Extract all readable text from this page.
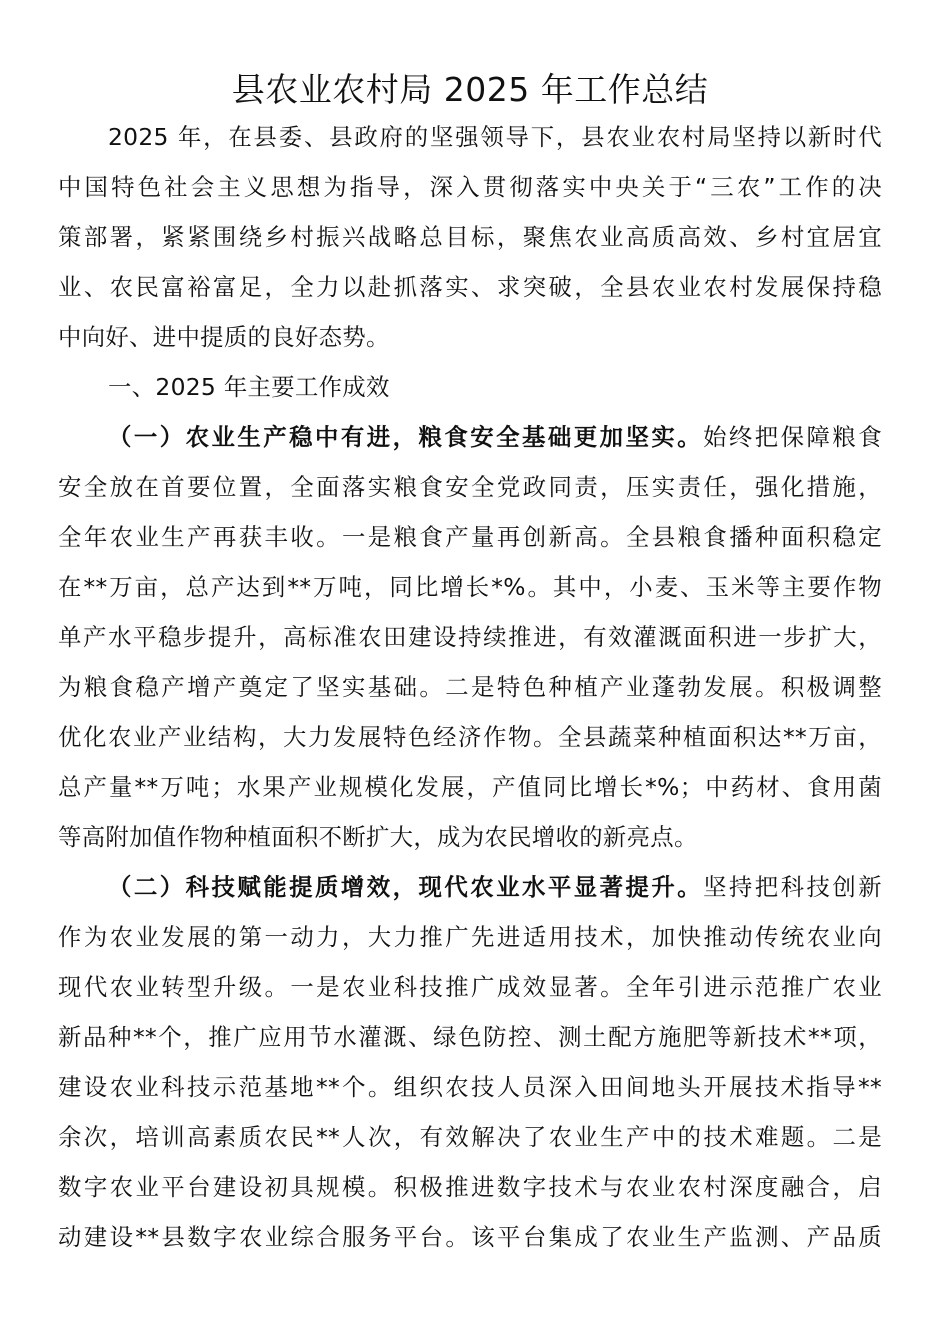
县农业农村局 2025 年工作总结
2025 年，在县委、县政府的坚强领导下，县农业农村局坚持以新时代
中国特色社会主义思想为指导，深入贯彻落实中央关于“三农”工作的决
策部署，紧紧围绕乡村振兴战略总目标，聚焦农业高质高效、乡村宜居宜
业、农民富裕富足，全力以赴抓落实、求突破，全县农业农村发展保持稳
中向好、进中提质的良好态势。
一、2025 年主要工作成效
（一）农业生产稳中有进，粮食安全基础更加坚实。始终把保障粮食
安全放在首要位置，全面落实粮食安全党政同责，压实责任，强化措施，
全年农业生产再获丰收。一是粮食产量再创新高。全县粮食播种面积稳定
在**万亩，总产达到**万吨，同比增长*%。其中，小麦、玉米等主要作物
单产水平稳步提升，高标准农田建设持续推进，有效灌溉面积进一步扩大，
为粮食稳产增产奠定了坚实基础。二是特色种植产业蓬勃发展。积极调整
优化农业产业结构，大力发展特色经济作物。全县蔬菜种植面积达**万亩，
总产量**万吨；水果产业规模化发展，产值同比增长*%；中药材、食用菌
等高附加值作物种植面积不断扩大，成为农民增收的新亮点。
（二）科技赋能提质增效，现代农业水平显著提升。坚持把科技创新
作为农业发展的第一动力，大力推广先进适用技术，加快推动传统农业向
现代农业转型升级。一是农业科技推广成效显著。全年引进示范推广农业
新品种**个，推广应用节水灌溉、绿色防控、测土配方施肥等新技术**项，
建设农业科技示范基地**个。组织农技人员深入田间地头开展技术指导**
余次，培训高素质农民**人次，有效解决了农业生产中的技术难题。二是
数字农业平台建设初具规模。积极推进数字技术与农业农村深度融合，启
动建设**县数字农业综合服务平台。该平台集成了农业生产监测、产品质
